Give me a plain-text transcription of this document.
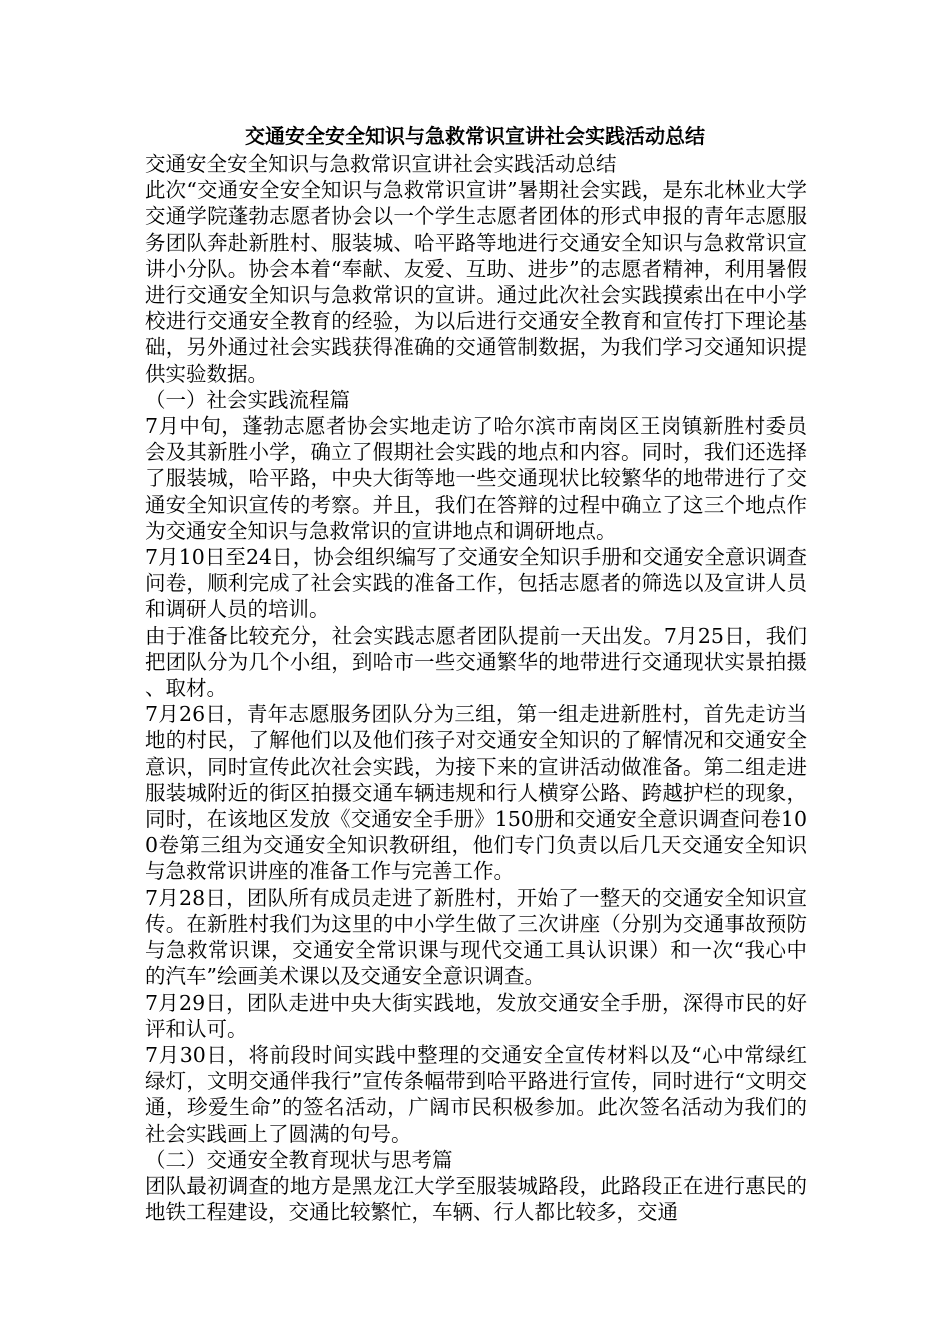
交通安全安全知识与急救常识宣讲社会实践活动总结

交通安全安全知识与急救常识宣讲社会实践活动总结

此次“交通安全安全知识与急救常识宣讲”暑期社会实践，是东北林业大学交通学院蓬勃志愿者协会以一个学生志愿者团体的形式申报的青年志愿服务团队奔赴新胜村、服装城、哈平路等地进行交通安全知识与急救常识宣讲小分队。协会本着“奉献、友爱、互助、进步”的志愿者精神，利用暑假进行交通安全知识与急救常识的宣讲。通过此次社会实践摸索出在中小学校进行交通安全教育的经验，为以后进行交通安全教育和宣传打下理论基础，另外通过社会实践获得准确的交通管制数据，为我们学习交通知识提供实验数据。

（一）社会实践流程篇

7月中旬，蓬勃志愿者协会实地走访了哈尔滨市南岗区王岗镇新胜村委员会及其新胜小学，确立了假期社会实践的地点和内容。同时，我们还选择了服装城，哈平路，中央大街等地一些交通现状比较繁华的地带进行了交通安全知识宣传的考察。并且，我们在答辩的过程中确立了这三个地点作为交通安全知识与急救常识的宣讲地点和调研地点。

7月10日至24日，协会组织编写了交通安全知识手册和交通安全意识调查问卷，顺利完成了社会实践的准备工作，包括志愿者的筛选以及宣讲人员和调研人员的培训。

由于准备比较充分，社会实践志愿者团队提前一天出发。7月25日，我们把团队分为几个小组，到哈市一些交通繁华的地带进行交通现状实景拍摄、取材。

7月26日，青年志愿服务团队分为三组，第一组走进新胜村，首先走访当地的村民，了解他们以及他们孩子对交通安全知识的了解情况和交通安全意识，同时宣传此次社会实践，为接下来的宣讲活动做准备。第二组走进服装城附近的街区拍摄交通车辆违规和行人横穿公路、跨越护栏的现象，同时，在该地区发放《交通安全手册》150册和交通安全意识调查问卷100卷第三组为交通安全知识教研组，他们专门负责以后几天交通安全知识与急救常识讲座的准备工作与完善工作。

7月28日，团队所有成员走进了新胜村，开始了一整天的交通安全知识宣传。在新胜村我们为这里的中小学生做了三次讲座（分别为交通事故预防与急救常识课，交通安全常识课与现代交通工具认识课）和一次“我心中的汽车”绘画美术课以及交通安全意识调查。

7月29日，团队走进中央大街实践地，发放交通安全手册，深得市民的好评和认可。

7月30日，将前段时间实践中整理的交通安全宣传材料以及“心中常绿红绿灯，文明交通伴我行”宣传条幅带到哈平路进行宣传，同时进行“文明交通，珍爱生命”的签名活动，广阔市民积极参加。此次签名活动为我们的社会实践画上了圆满的句号。

（二）交通安全教育现状与思考篇

团队最初调查的地方是黑龙江大学至服装城路段，此路段正在进行惠民的地铁工程建设，交通比较繁忙，车辆、行人都比较多，交通
